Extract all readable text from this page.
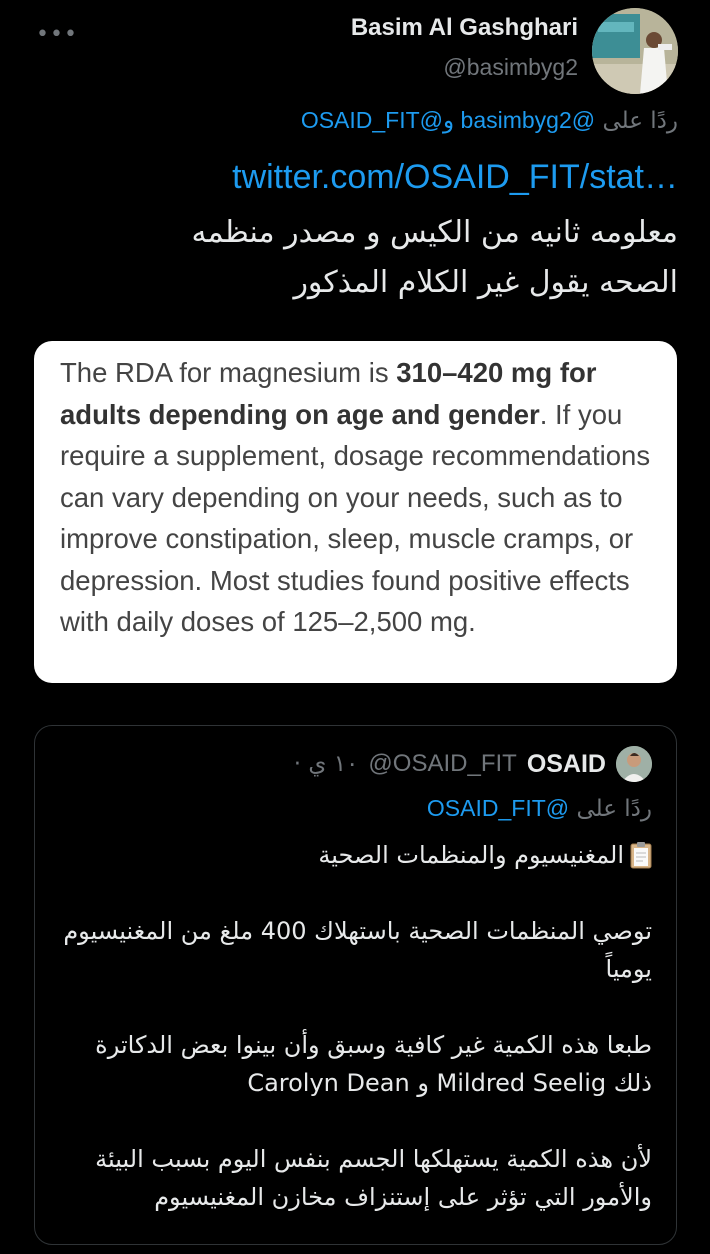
•••	Basim Al Gashghari
@basimbyg2
ردًا على @basimbyg2 و@OSAID_FIT
twitter.com/OSAID_FIT/stat…
معلومه ثانيه من الكيس و مصدر منظمه
الصحه يقول غير الكلام المذكور

The RDA for magnesium is 310–420 mg for adults depending on age and gender. If you require a supplement, dosage recommendations can vary depending on your needs, such as to improve constipation, sleep, muscle cramps, or depression. Most studies found positive effects with daily doses of 125–2,500 mg.

· ١٠ ي @OSAID_FIT OSAID
ردًا على @OSAID_FIT
المغنيسيوم والمنظمات الصحية
توصي المنظمات الصحية باستهلاك 400 ملغ من المغنيسيوم يومياً
طبعا هذه الكمية غير كافية وسبق وأن بينوا بعض الدكاترة ذلك Mildred Seelig و Carolyn Dean
لأن هذه الكمية يستهلكها الجسم بنفس اليوم بسبب البيئة والأمور التي تؤثر على إستنزاف مخازن المغنيسيوم
